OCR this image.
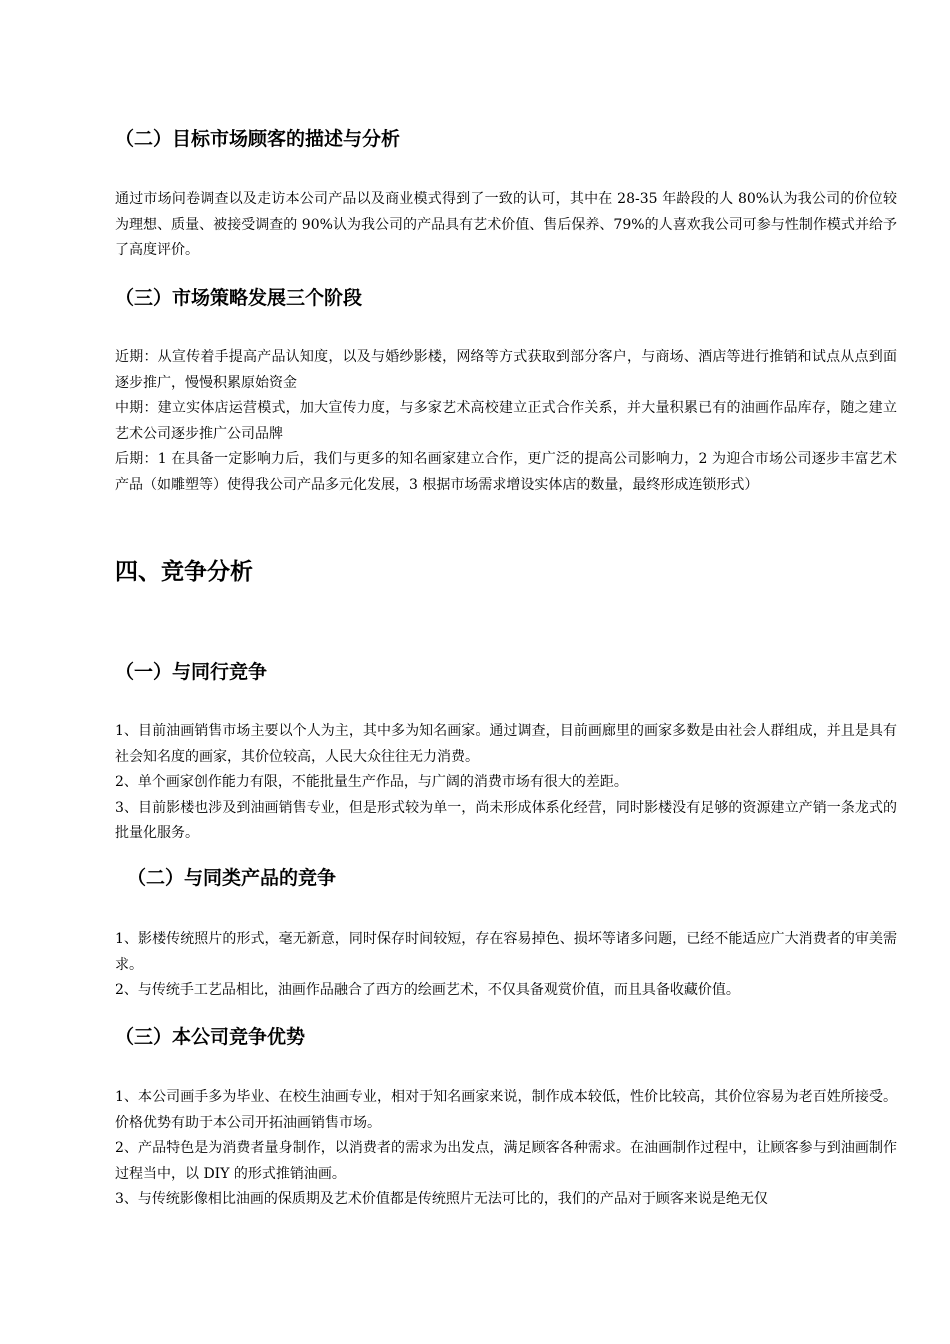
（二）目标市场顾客的描述与分析

通过市场问卷调查以及走访本公司产品以及商业模式得到了一致的认可，其中在 28-35 年龄段的人 80%认为我公司的价位较为理想、质量、被接受调查的 90%认为我公司的产品具有艺术价值、售后保养、79%的人喜欢我公司可参与性制作模式并给予了高度评价。

（三）市场策略发展三个阶段

近期：从宣传着手提高产品认知度，以及与婚纱影楼，网络等方式获取到部分客户，与商场、酒店等进行推销和试点从点到面逐步推广，慢慢积累原始资金

中期：建立实体店运营模式，加大宣传力度，与多家艺术高校建立正式合作关系，并大量积累已有的油画作品库存，随之建立艺术公司逐步推广公司品牌

后期：1 在具备一定影响力后，我们与更多的知名画家建立合作，更广泛的提高公司影响力，2 为迎合市场公司逐步丰富艺术产品（如雕塑等）使得我公司产品多元化发展，3 根据市场需求增设实体店的数量，最终形成连锁形式）

四、竞争分析
（一）与同行竞争

1、目前油画销售市场主要以个人为主，其中多为知名画家。通过调查，目前画廊里的画家多数是由社会人群组成，并且是具有社会知名度的画家，其价位较高，人民大众往往无力消费。

2、单个画家创作能力有限，不能批量生产作品，与广阔的消费市场有很大的差距。

3、目前影楼也涉及到油画销售专业，但是形式较为单一，尚未形成体系化经营，同时影楼没有足够的资源建立产销一条龙式的批量化服务。

（二）与同类产品的竞争

1、影楼传统照片的形式，毫无新意，同时保存时间较短，存在容易掉色、损坏等诸多问题，已经不能适应广大消费者的审美需求。

2、与传统手工艺品相比，油画作品融合了西方的绘画艺术，不仅具备观赏价值，而且具备收藏价值。

（三）本公司竞争优势

1、本公司画手多为毕业、在校生油画专业，相对于知名画家来说，制作成本较低，性价比较高，其价位容易为老百姓所接受。价格优势有助于本公司开拓油画销售市场。

2、产品特色是为消费者量身制作，以消费者的需求为出发点，满足顾客各种需求。在油画制作过程中，让顾客参与到油画制作过程当中，以 DIY 的形式推销油画。

3、与传统影像相比油画的保质期及艺术价值都是传统照片无法可比的，我们的产品对于顾客来说是绝无仅
